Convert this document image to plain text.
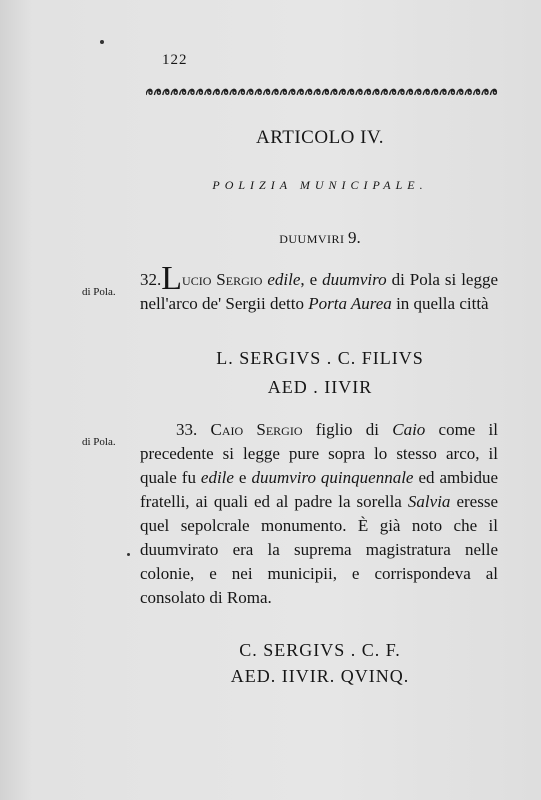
122
ARTICOLO IV.
POLIZIA MUNICIPALE.
DUUMVIRI 9.
di Pola.
32.Lucio Sergio edile, e duumviro di Pola si legge nell'arco de' Sergii detto Porta Aurea in quella città
L. SERGIVS . C. FILIVS
AED . IIVIR
di Pola.
33. Caio Sergio figlio di Caio come il precedente si legge pure sopra lo stesso arco, il quale fu edile e duumviro quinquennale ed ambidue fratelli, ai quali ed al padre la sorella Salvia eresse quel sepolcrale monumento. È già noto che il duumvirato era la suprema magistratura nelle colonie, e nei municipii, e corrispondeva al consolato di Roma.
C. SERGIVS . C. F.
AED. IIVIR. QVINQ.
